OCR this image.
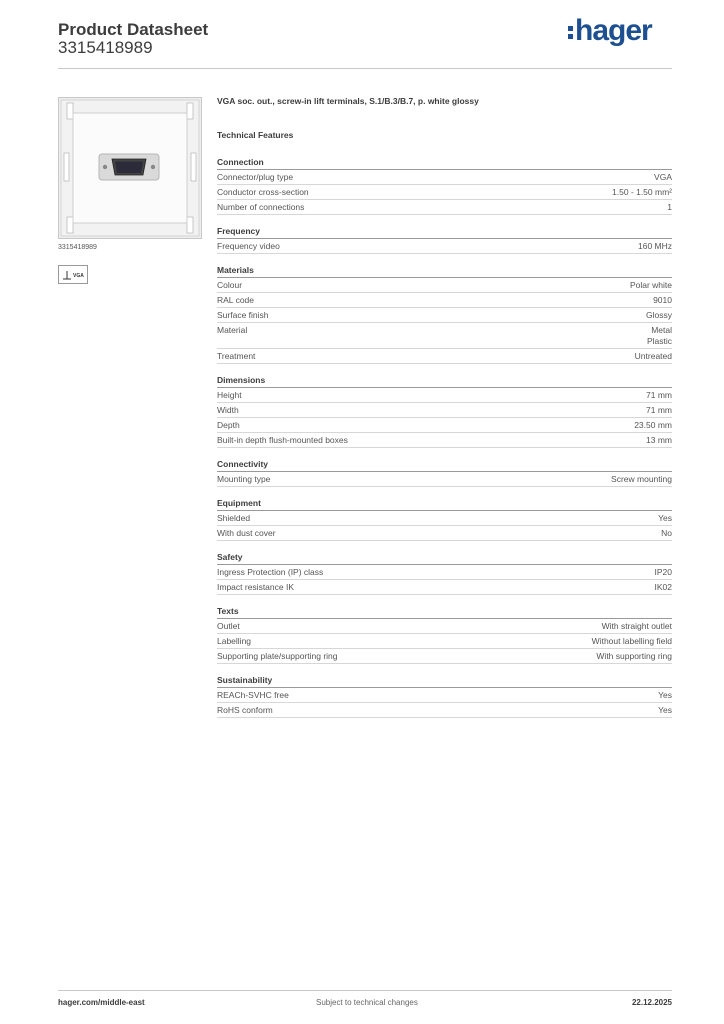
Product Datasheet
3315418989
hager
3315418989
VGA

VGA soc. out., screw-in lift terminals, S.1/B.3/B.7, p. white glossy

Technical Features

Connection
Connector/plug type	VGA
Conductor cross-section	1.50 - 1.50 mm²
Number of connections	1
Frequency
Frequency video	160 MHz
Materials
Colour	Polar white
RAL code	9010
Surface finish	Glossy
Material	Metal
Plastic
Treatment	Untreated
Dimensions
Height	71 mm
Width	71 mm
Depth	23.50 mm
Built-in depth flush-mounted boxes	13 mm
Connectivity
Mounting type	Screw mounting
Equipment
Shielded	Yes
With dust cover	No
Safety
Ingress Protection (IP) class	IP20
Impact resistance IK	IK02
Texts
Outlet	With straight outlet
Labelling	Without labelling field
Supporting plate/supporting ring	With supporting ring
Sustainability
REACh-SVHC free	Yes
RoHS conform	Yes
hager.com/middle-east	Subject to technical changes	22.12.2025
